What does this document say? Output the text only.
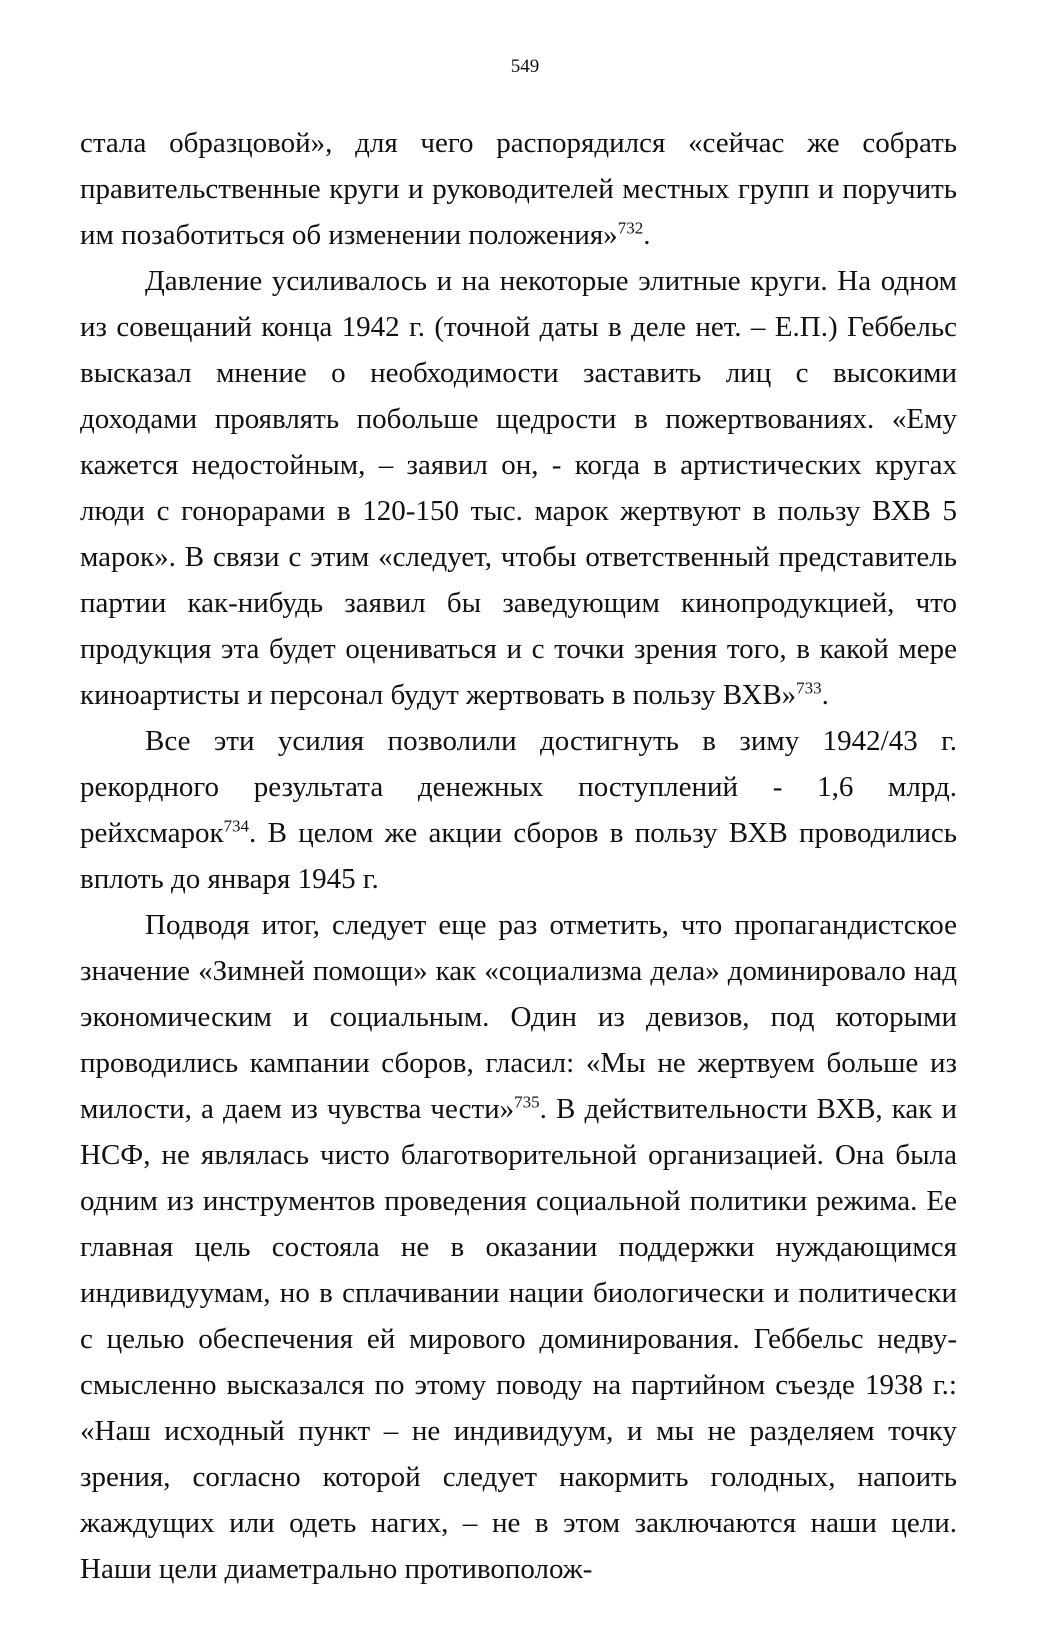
549

стала образцовой», для чего распорядился «сейчас же собрать правительственные круги и руководителей местных групп и поручить им позаботиться об изменении положения»$^{732}$.

Давление усиливалось и на некоторые элитные круги. На одном из совещаний конца 1942 г. (точной даты в деле нет. – Е.П.) Геббельс высказал мнение о необходимости заставить лиц с высокими доходами проявлять побольше щедрости в пожертвованиях. «Ему кажется недостойным, – заявил он, - когда в артистических кругах люди с гонорарами в 120-150 тыс. марок жертвуют в пользу ВХВ 5 марок». В связи с этим «следует, чтобы ответственный представитель партии как-нибудь заявил бы заведующим кинопродукцией, что продукция эта будет оцениваться и с точки зрения того, в какой мере киноартисты и персонал будут жертвовать в пользу ВХВ»$^{733}$.

Все эти усилия позволили достигнуть в зиму 1942/43 г. рекордного результата денежных поступлений - 1,6 млрд. рейхсмарок$^{734}$. В целом же акции сборов в пользу ВХВ проводились вплоть до января 1945 г.

Подводя итог, следует еще раз отметить, что пропагандистское значение «Зимней помощи» как «социализма дела» доминировало над экономическим и социальным. Один из девизов, под которыми проводились кампании сборов, гласил: «Мы не жертвуем больше из милости, а даем из чувства чести»$^{735}$. В действительности ВХВ, как и НСФ, не являлась чисто благотворительной организацией. Она была одним из инструментов проведения социальной политики режима. Ее главная цель состояла не в оказании поддержки нуждающимся индивидуумам, но в сплачивании нации биологически и политически с целью обеспечения ей мирового доминирования. Геббельс недвусмысленно высказался по этому поводу на партийном съезде 1938 г.: «Наш исходный пункт – не индивидуум, и мы не разделяем точку зрения, согласно которой следует накормить голодных, напоить жаждущих или одеть нагих, – не в этом заключаются наши цели. Наши цели диаметрально противополож-
